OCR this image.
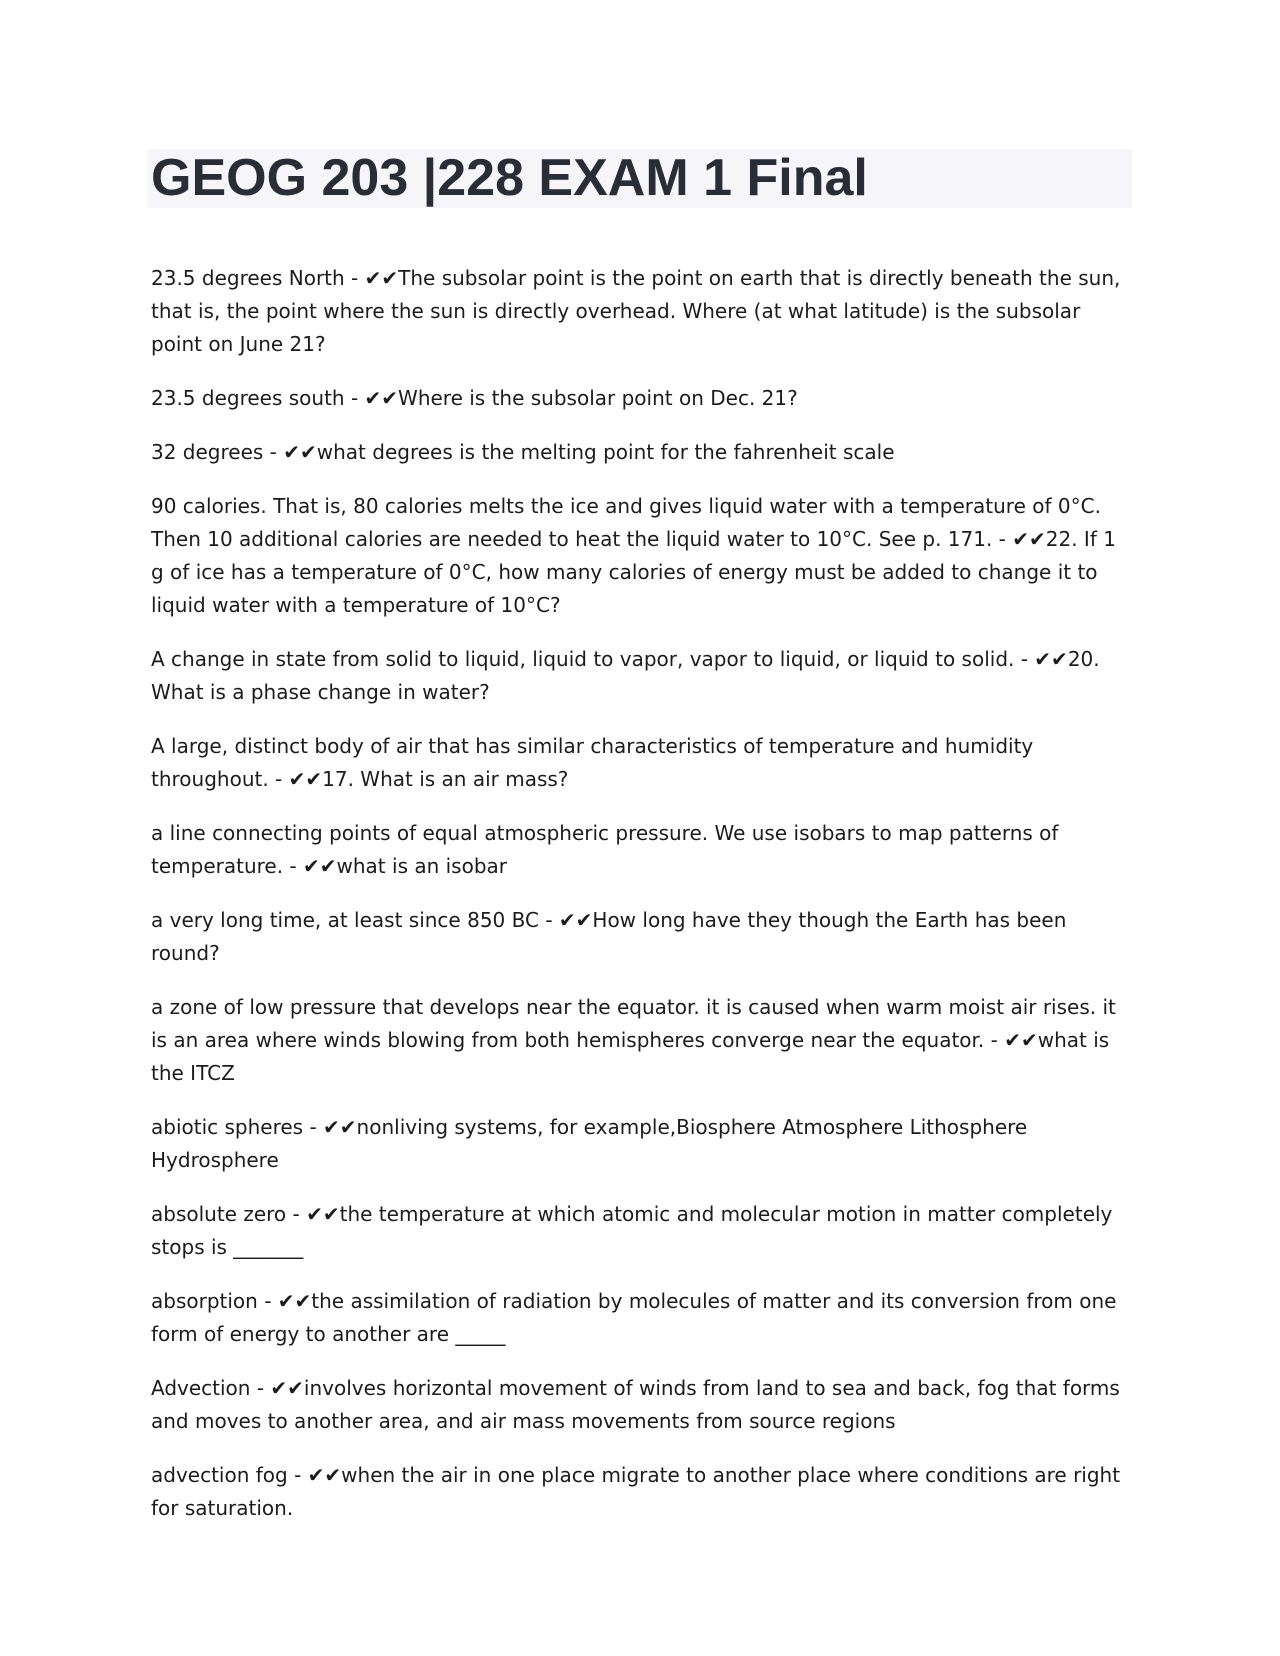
GEOG 203 |228 EXAM 1 Final

23.5 degrees North - ✔✔The subsolar point is the point on earth that is directly beneath the sun, that is, the point where the sun is directly overhead. Where (at what latitude) is the subsolar point on June 21?

23.5 degrees south - ✔✔Where is the subsolar point on Dec. 21?

32 degrees - ✔✔what degrees is the melting point for the fahrenheit scale

90 calories. That is, 80 calories melts the ice and gives liquid water with a temperature of 0°C. Then 10 additional calories are needed to heat the liquid water to 10°C. See p. 171. - ✔✔22. If 1 g of ice has a temperature of 0°C, how many calories of energy must be added to change it to liquid water with a temperature of 10°C?

A change in state from solid to liquid, liquid to vapor, vapor to liquid, or liquid to solid. - ✔✔20. What is a phase change in water?

A large, distinct body of air that has similar characteristics of temperature and humidity throughout. - ✔✔17. What is an air mass?

a line connecting points of equal atmospheric pressure. We use isobars to map patterns of temperature. - ✔✔what is an isobar

a very long time, at least since 850 BC - ✔✔How long have they though the Earth has been round?

a zone of low pressure that develops near the equator. it is caused when warm moist air rises. it is an area where winds blowing from both hemispheres converge near the equator. - ✔✔what is the ITCZ

abiotic spheres - ✔✔nonliving systems, for example,Biosphere Atmosphere Lithosphere Hydrosphere

absolute zero - ✔✔the temperature at which atomic and molecular motion in matter completely stops is _______

absorption - ✔✔the assimilation of radiation by molecules of matter and its conversion from one form of energy to another are _____

Advection - ✔✔involves horizontal movement of winds from land to sea and back, fog that forms and moves to another area, and air mass movements from source regions

advection fog - ✔✔when the air in one place migrate to another place where conditions are right for saturation.
